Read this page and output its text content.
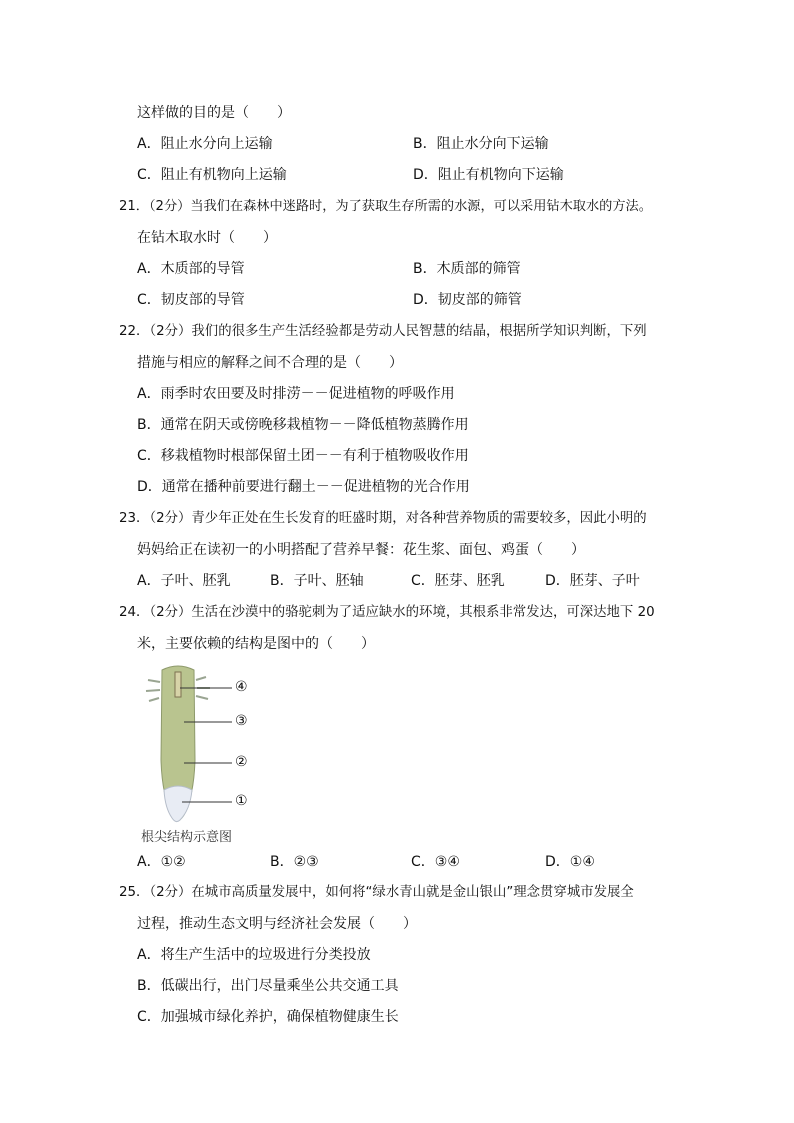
这样做的目的是（　　）
A．阻止水分向上运输	B．阻止水分向下运输
C．阻止有机物向上运输	D．阻止有机物向下运输
21．（2分）当我们在森林中迷路时，为了获取生存所需的水源，可以采用钻木取水的方法。
在钻木取水时（　　）
A．木质部的导管	B．木质部的筛管
C．韧皮部的导管	D．韧皮部的筛管
22．（2分）我们的很多生产生活经验都是劳动人民智慧的结晶，根据所学知识判断，下列
措施与相应的解释之间不合理的是（　　）
A．雨季时农田要及时排涝－－促进植物的呼吸作用
B．通常在阴天或傍晚移栽植物－－降低植物蒸腾作用
C．移栽植物时根部保留土团－－有利于植物吸收作用
D．通常在播种前要进行翻土－－促进植物的光合作用
23．（2分）青少年正处在生长发育的旺盛时期，对各种营养物质的需要较多，因此小明的
妈妈给正在读初一的小明搭配了营养早餐：花生浆、面包、鸡蛋（　　）
A．子叶、胚乳	B．子叶、胚轴	C．胚芽、胚乳	D．胚芽、子叶
24．（2分）生活在沙漠中的骆驼刺为了适应缺水的环境，其根系非常发达，可深达地下 20
米，主要依赖的结构是图中的（　　）
④
③
②
①
根尖结构示意图
A．①②	B．②③	C．③④	D．①④
25．（2分）在城市高质量发展中，如何将“绿水青山就是金山银山”理念贯穿城市发展全
过程，推动生态文明与经济社会发展（　　）
A．将生产生活中的垃圾进行分类投放
B．低碳出行，出门尽量乘坐公共交通工具
C．加强城市绿化养护，确保植物健康生长
